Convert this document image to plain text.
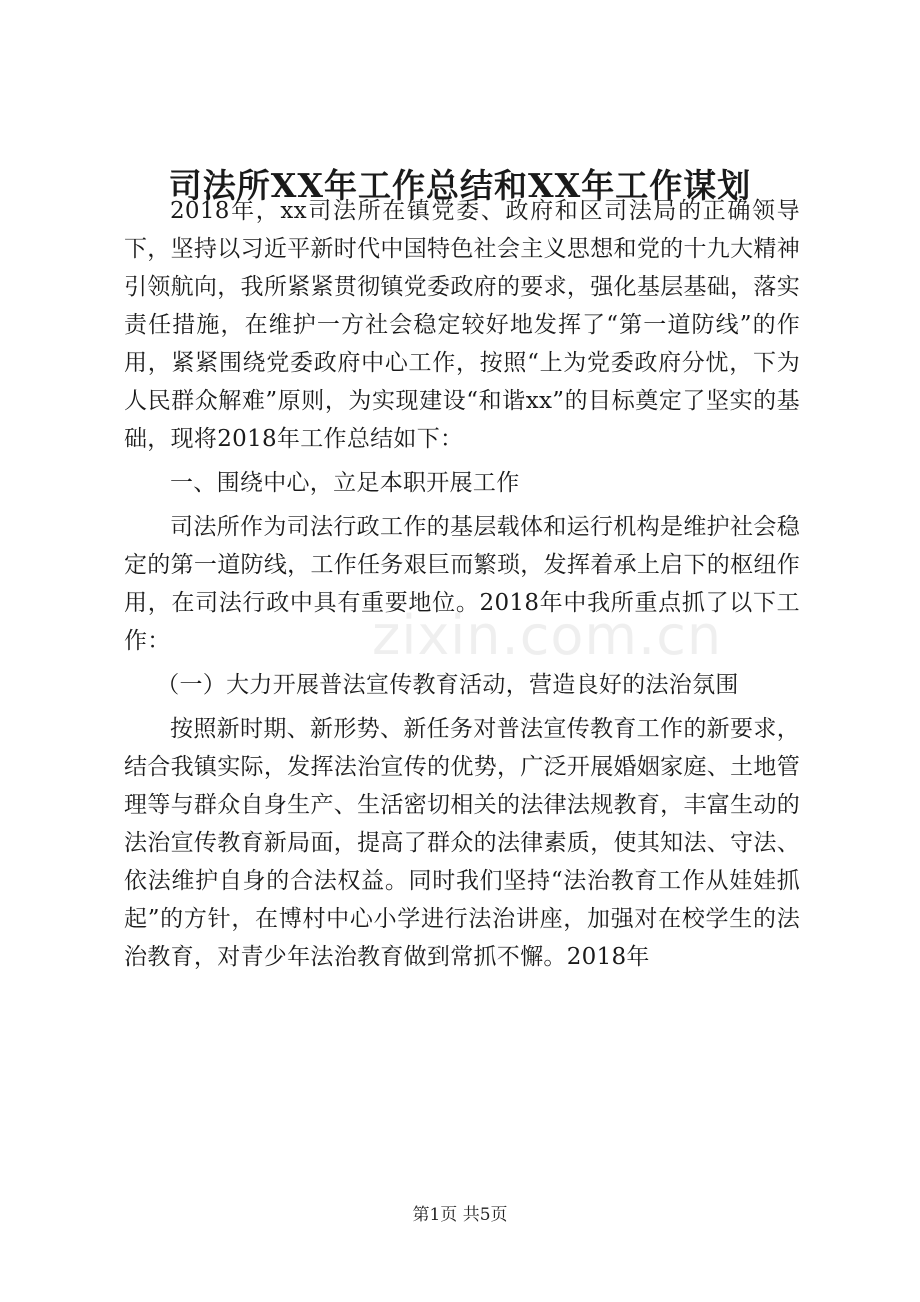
司法所XX年工作总结和XX年工作谋划

2018年，xx司法所在镇党委、政府和区司法局的正确领导下，坚持以习近平新时代中国特色社会主义思想和党的十九大精神引领航向，我所紧紧贯彻镇党委政府的要求，强化基层基础，落实责任措施，在维护一方社会稳定较好地发挥了“第一道防线”的作用，紧紧围绕党委政府中心工作，按照“上为党委政府分忧，下为人民群众解难”原则，为实现建设“和谐xx”的目标奠定了坚实的基础，现将2018年工作总结如下：

一、围绕中心，立足本职开展工作

司法所作为司法行政工作的基层载体和运行机构是维护社会稳定的第一道防线，工作任务艰巨而繁琐，发挥着承上启下的枢纽作用，在司法行政中具有重要地位。2018年中我所重点抓了以下工作：

（一）大力开展普法宣传教育活动，营造良好的法治氛围

按照新时期、新形势、新任务对普法宣传教育工作的新要求，结合我镇实际，发挥法治宣传的优势，广泛开展婚姻家庭、土地管理等与群众自身生产、生活密切相关的法律法规教育，丰富生动的法治宣传教育新局面，提高了群众的法律素质，使其知法、守法、依法维护自身的合法权益。同时我们坚持“法治教育工作从娃娃抓起”的方针，在博村中心小学进行法治讲座，加强对在校学生的法治教育，对青少年法治教育做到常抓不懈。2018年

zixin.com.cn
第1页 共5页
